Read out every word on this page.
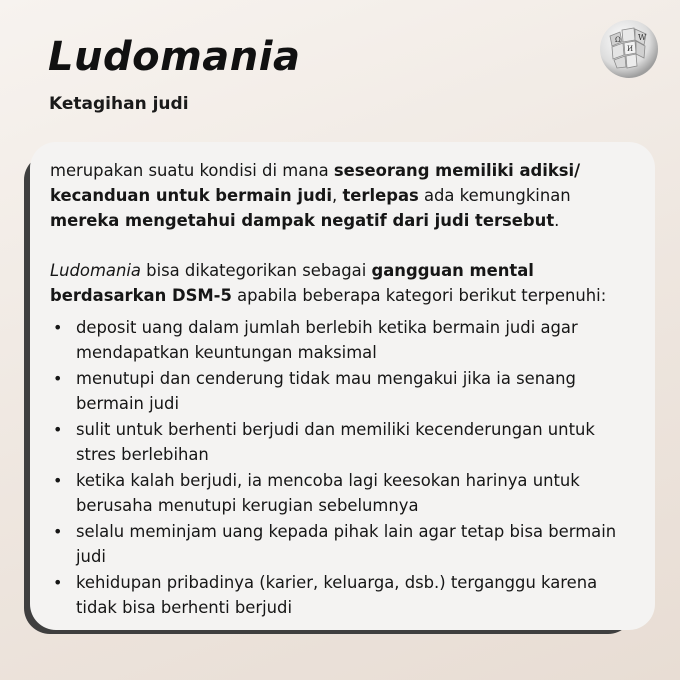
Ludomania
Ketagihan judi
Ω W
И

merupakan suatu kondisi di mana seseorang memiliki adiksi/ kecanduan untuk bermain judi, terlepas ada kemungkinan mereka mengetahui dampak negatif dari judi tersebut.

Ludomania bisa dikategorikan sebagai gangguan mental berdasarkan DSM-5 apabila beberapa kategori berikut terpenuhi:

• deposit uang dalam jumlah berlebih ketika bermain judi agar mendapatkan keuntungan maksimal
• menutupi dan cenderung tidak mau mengakui jika ia senang bermain judi
• sulit untuk berhenti berjudi dan memiliki kecenderungan untuk stres berlebihan
• ketika kalah berjudi, ia mencoba lagi keesokan harinya untuk berusaha menutupi kerugian sebelumnya
• selalu meminjam uang kepada pihak lain agar tetap bisa bermain judi
• kehidupan pribadinya (karier, keluarga, dsb.) terganggu karena tidak bisa berhenti berjudi
